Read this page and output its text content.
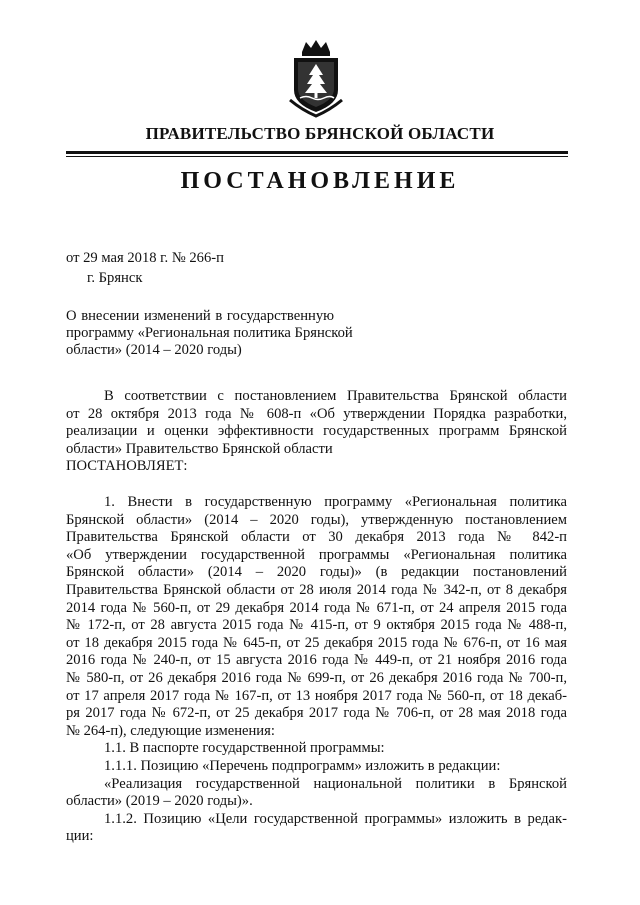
ПРАВИТЕЛЬСТВО БРЯНСКОЙ ОБЛАСТИ
ПОСТАНОВЛЕНИЕ
от 29 мая 2018 г. № 266-п
г. Брянск
О внесении изменений в государственную
программу «Региональная политика Брянской
области» (2014 – 2020 годы)
В соответствии с постановлением Правительства Брянской области
от 28 октября 2013 года № 608-п «Об утверждении Порядка разработки,
реализации и оценки эффективности государственных программ Брянской
области» Правительство Брянской области
ПОСТАНОВЛЯЕТ:
1. Внести в государственную программу «Региональная политика
Брянской области» (2014 – 2020 годы), утвержденную постановлением
Правительства Брянской области от 30 декабря 2013 года № 842-п
«Об утверждении государственной программы «Региональная политика
Брянской области» (2014 – 2020 годы)» (в редакции постановлений
Правительства Брянской области от 28 июля 2014 года № 342-п, от 8 декабря
2014 года № 560-п, от 29 декабря 2014 года № 671-п, от 24 апреля 2015 года
№ 172-п, от 28 августа 2015 года № 415-п, от 9 октября 2015 года № 488-п,
от 18 декабря 2015 года № 645-п, от 25 декабря 2015 года № 676-п, от 16 мая
2016 года № 240-п, от 15 августа 2016 года № 449-п, от 21 ноября 2016 года
№ 580-п, от 26 декабря 2016 года № 699-п, от 26 декабря 2016 года № 700-п,
от 17 апреля 2017 года № 167-п, от 13 ноября 2017 года № 560-п, от 18 декаб-
ря 2017 года № 672-п, от 25 декабря 2017 года № 706-п, от 28 мая 2018 года
№ 264-п), следующие изменения:
1.1. В паспорте государственной программы:
1.1.1. Позицию «Перечень подпрограмм» изложить в редакции:
«Реализация государственной национальной политики в Брянской
области» (2019 – 2020 годы)».
1.1.2. Позицию «Цели государственной программы» изложить в редак-
ции:
